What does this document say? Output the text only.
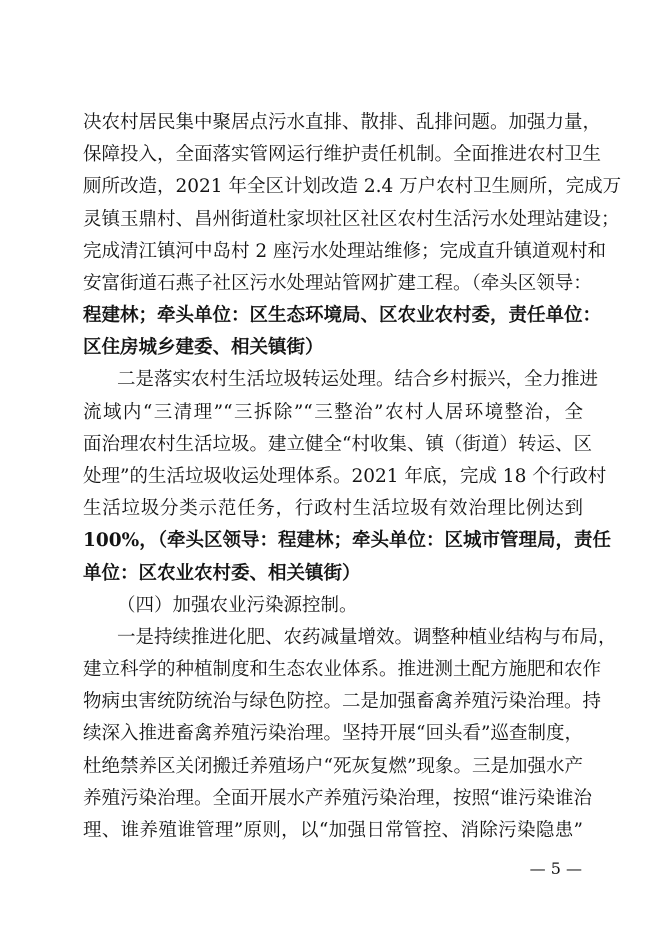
决农村居民集中聚居点污水直排、散排、乱排问题。加强力量，
保障投入，全面落实管网运行维护责任机制。全面推进农村卫生
厕所改造，2021 年全区计划改造 2.4 万户农村卫生厕所，完成万
灵镇玉鼎村、昌州街道杜家坝社区社区农村生活污水处理站建设；
完成清江镇河中岛村 2 座污水处理站维修；完成直升镇道观村和
安富街道石燕子社区污水处理站管网扩建工程。（牵头区领导：
程建林；牵头单位：区生态环境局、区农业农村委，责任单位：
区住房城乡建委、相关镇街）
二是落实农村生活垃圾转运处理。结合乡村振兴，全力推进
流域内“三清理”“三拆除”“三整治”农村人居环境整治，全
面治理农村生活垃圾。建立健全“村收集、镇（街道）转运、区
处理”的生活垃圾收运处理体系。2021 年底，完成 18 个行政村
生活垃圾分类示范任务，行政村生活垃圾有效治理比例达到
100%，（牵头区领导：程建林；牵头单位：区城市管理局，责任
单位：区农业农村委、相关镇街）
（四）加强农业污染源控制。
一是持续推进化肥、农药减量增效。调整种植业结构与布局，
建立科学的种植制度和生态农业体系。推进测土配方施肥和农作
物病虫害统防统治与绿色防控。二是加强畜禽养殖污染治理。持
续深入推进畜禽养殖污染治理。坚持开展“回头看”巡查制度，
杜绝禁养区关闭搬迁养殖场户“死灰复燃”现象。三是加强水产
养殖污染治理。全面开展水产养殖污染治理，按照“谁污染谁治
理、谁养殖谁管理”原则，以“加强日常管控、消除污染隐患”
— 5 —
